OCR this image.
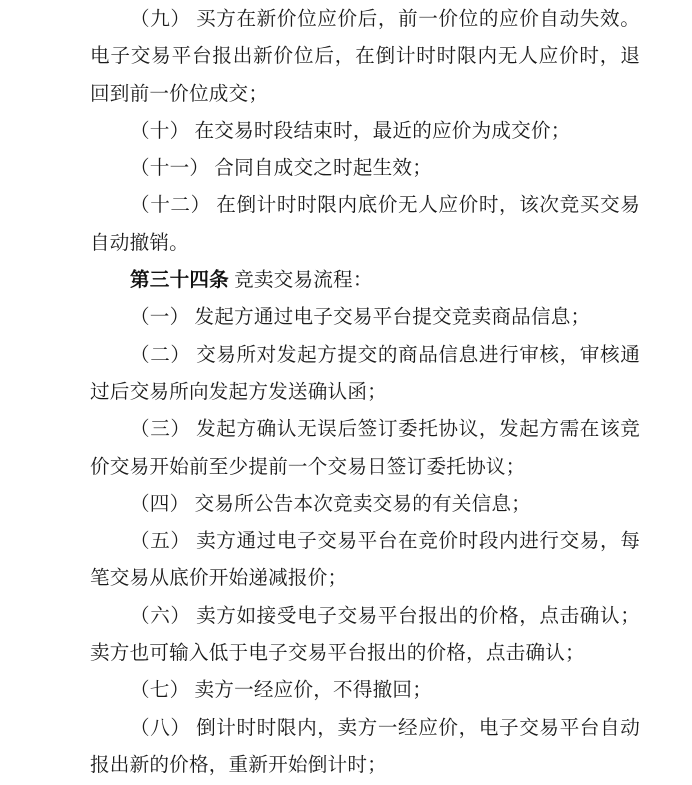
（九） 买方在新价位应价后，前一价位的应价自动失效。电子交易平台报出新价位后，在倒计时时限内无人应价时，退回到前一价位成交；

（十） 在交易时段结束时，最近的应价为成交价；

（十一） 合同自成交之时起生效；

（十二） 在倒计时时限内底价无人应价时，该次竞买交易自动撤销。

第三十四条 竞卖交易流程：

（一） 发起方通过电子交易平台提交竞卖商品信息；

（二） 交易所对发起方提交的商品信息进行审核，审核通过后交易所向发起方发送确认函；

（三） 发起方确认无误后签订委托协议，发起方需在该竞价交易开始前至少提前一个交易日签订委托协议；

（四） 交易所公告本次竞卖交易的有关信息；

（五） 卖方通过电子交易平台在竞价时段内进行交易，每笔交易从底价开始递减报价；

（六） 卖方如接受电子交易平台报出的价格，点击确认；卖方也可输入低于电子交易平台报出的价格，点击确认；

（七） 卖方一经应价，不得撤回；

（八） 倒计时时限内，卖方一经应价，电子交易平台自动报出新的价格，重新开始倒计时；
